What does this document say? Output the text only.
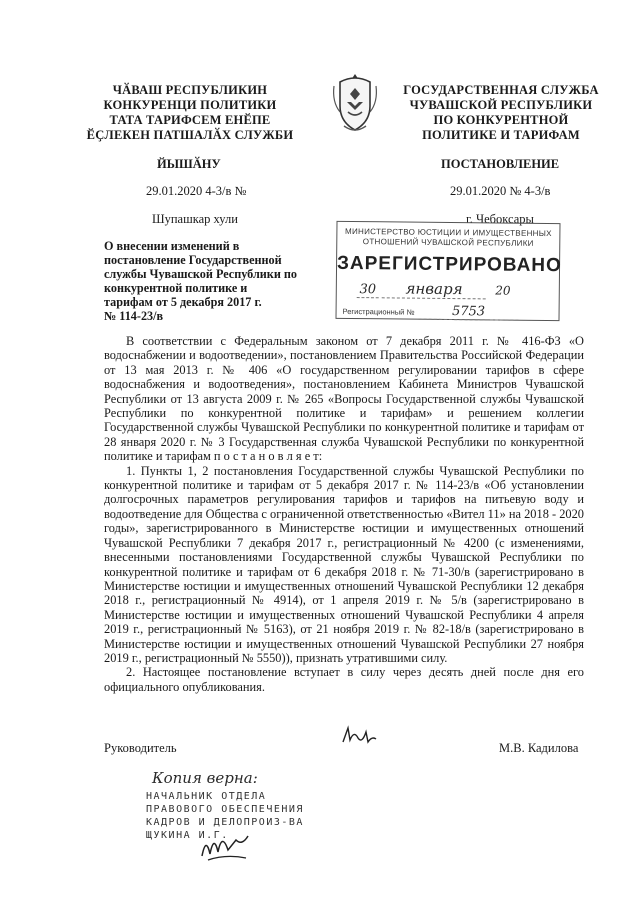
ЧӐВАШ РЕСПУБЛИКИН
КОНКУРЕНЦИ ПОЛИТИКИ
ТАТА ТАРИФСЕМ ЕНӖПЕ
ӖҪЛЕКЕН ПАТШАЛӐХ СЛУЖБИ
ЙЫШӐНУ
29.01.2020 4-3/в №
Шупашкар хули
ГОСУДАРСТВЕННАЯ СЛУЖБА
ЧУВАШСКОЙ РЕСПУБЛИКИ
ПО КОНКУРЕНТНОЙ
ПОЛИТИКЕ И ТАРИФАМ
ПОСТАНОВЛЕНИЕ
29.01.2020 № 4-3/в
г. Чебоксары
МИНИСТЕРСТВО ЮСТИЦИИ И ИМУЩЕСТВЕННЫХ
ОТНОШЕНИЙ ЧУВАШСКОЙ РЕСПУБЛИКИ
ЗАРЕГИСТРИРОВАНО
30 января	20
Регистрационный №	5753
О внесении изменений в
постановление Государственной
службы Чувашской Республики по
конкурентной политике и
тарифам от 5 декабря 2017 г.
№ 114-23/в

В соответствии с Федеральным законом от 7 декабря 2011 г. № 416-ФЗ «О водоснабжении и водоотведении», постановлением Правительства Российской Федерации от 13 мая 2013 г. № 406 «О государственном регулировании тарифов в сфере водоснабжения и водоотведения», постановлением Кабинета Министров Чувашской Республики от 13 августа 2009 г. № 265 «Вопросы Государственной службы Чувашской Республики по конкурентной политике и тарифам» и решением коллегии Государственной службы Чувашской Республики по конкурентной политике и тарифам от 28 января 2020 г. № 3 Государственная служба Чувашской Республики по конкурентной политике и тарифам п о с т а н о в л я е т:

1. Пункты 1, 2 постановления Государственной службы Чувашской Республики по конкурентной политике и тарифам от 5 декабря 2017 г. № 114-23/в «Об установлении долгосрочных параметров регулирования тарифов и тарифов на питьевую воду и водоотведение для Общества с ограниченной ответственностью «Вител 11» на 2018 - 2020 годы», зарегистрированного в Министерстве юстиции и имущественных отношений Чувашской Республики 7 декабря 2017 г., регистрационный № 4200 (с изменениями, внесенными постановлениями Государственной службы Чувашской Республики по конкурентной политике и тарифам от 6 декабря 2018 г. № 71-30/в (зарегистрировано в Министерстве юстиции и имущественных отношений Чувашской Республики 12 декабря 2018 г., регистрационный № 4914), от 1 апреля 2019 г. № 5/в (зарегистрировано в Министерстве юстиции и имущественных отношений Чувашской Республики 4 апреля 2019 г., регистрационный № 5163), от 21 ноября 2019 г. № 82-18/в (зарегистрировано в Министерстве юстиции и имущественных отношений Чувашской Республики 27 ноября 2019 г., регистрационный № 5550)), признать утратившими силу.

2. Настоящее постановление вступает в силу через десять дней после дня его официального опубликования.

Руководитель	М.В. Кадилова
Копия верна:
НАЧАЛЬНИК ОТДЕЛА
ПРАВОВОГО ОБЕСПЕЧЕНИЯ
КАДРОВ И ДЕЛОПРОИЗ-ВА
ЩУКИНА И.Г.
